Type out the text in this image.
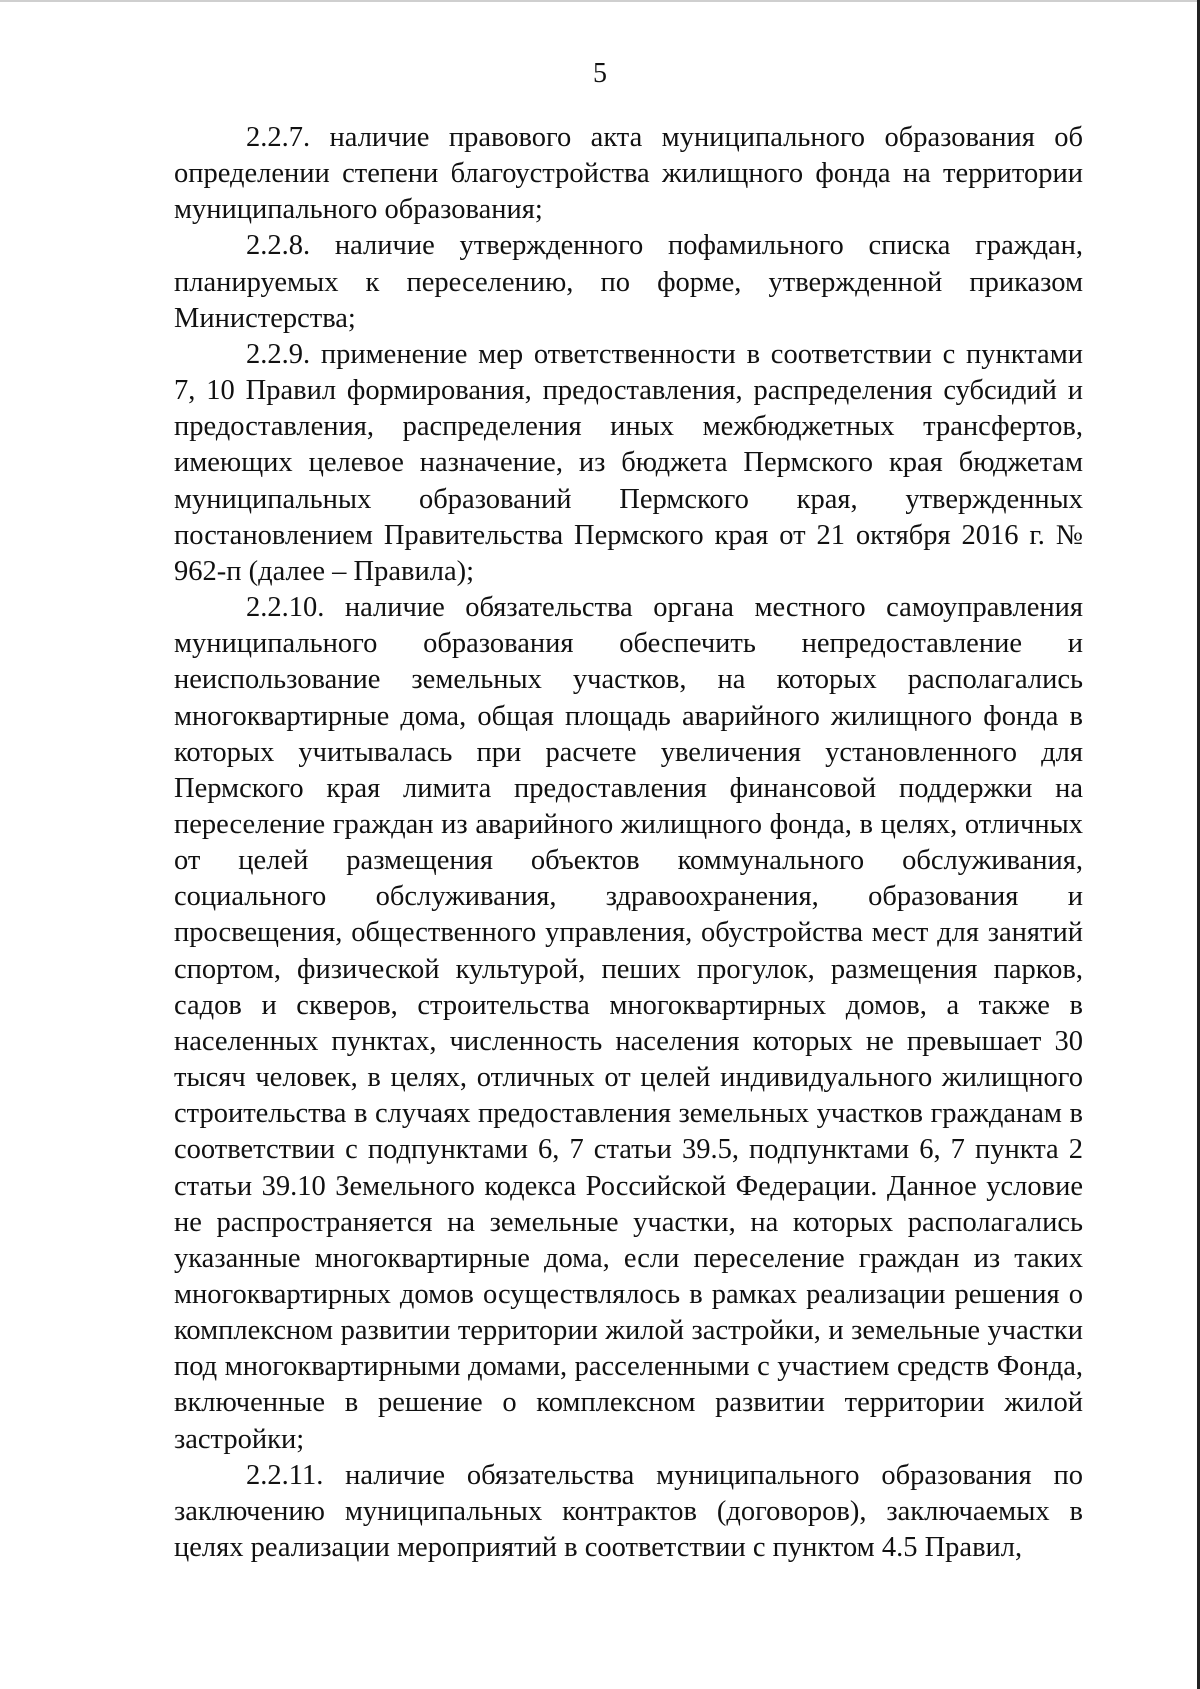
5

2.2.7. наличие правового акта муниципального образования об определении степени благоустройства жилищного фонда на территории муниципального образования;

2.2.8. наличие утвержденного пофамильного списка граждан, планируемых к переселению, по форме, утвержденной приказом Министерства;

2.2.9. применение мер ответственности в соответствии с пунктами 7, 10 Правил формирования, предоставления, распределения субсидий и предоставления, распределения иных межбюджетных трансфертов, имеющих целевое назначение, из бюджета Пермского края бюджетам муниципальных образований Пермского края, утвержденных постановлением Правительства Пермского края от 21 октября 2016 г. № 962-п (далее – Правила);

2.2.10. наличие обязательства органа местного самоуправления муниципального образования обеспечить непредоставление и неиспользование земельных участков, на которых располагались многоквартирные дома, общая площадь аварийного жилищного фонда в которых учитывалась при расчете увеличения установленного для Пермского края лимита предоставления финансовой поддержки на переселение граждан из аварийного жилищного фонда, в целях, отличных от целей размещения объектов коммунального обслуживания, социального обслуживания, здравоохранения, образования и просвещения, общественного управления, обустройства мест для занятий спортом, физической культурой, пеших прогулок, размещения парков, садов и скверов, строительства многоквартирных домов, а также в населенных пунктах, численность населения которых не превышает 30 тысяч человек, в целях, отличных от целей индивидуального жилищного строительства в случаях предоставления земельных участков гражданам в соответствии с подпунктами 6, 7 статьи 39.5, подпунктами 6, 7 пункта 2 статьи 39.10 Земельного кодекса Российской Федерации. Данное условие не распространяется на земельные участки, на которых располагались указанные многоквартирные дома, если переселение граждан из таких многоквартирных домов осуществлялось в рамках реализации решения о комплексном развитии территории жилой застройки, и земельные участки под многоквартирными домами, расселенными с участием средств Фонда, включенные в решение о комплексном развитии территории жилой застройки;

2.2.11. наличие обязательства муниципального образования по заключению муниципальных контрактов (договоров), заключаемых в целях реализации мероприятий в соответствии с пунктом 4.5 Правил,
